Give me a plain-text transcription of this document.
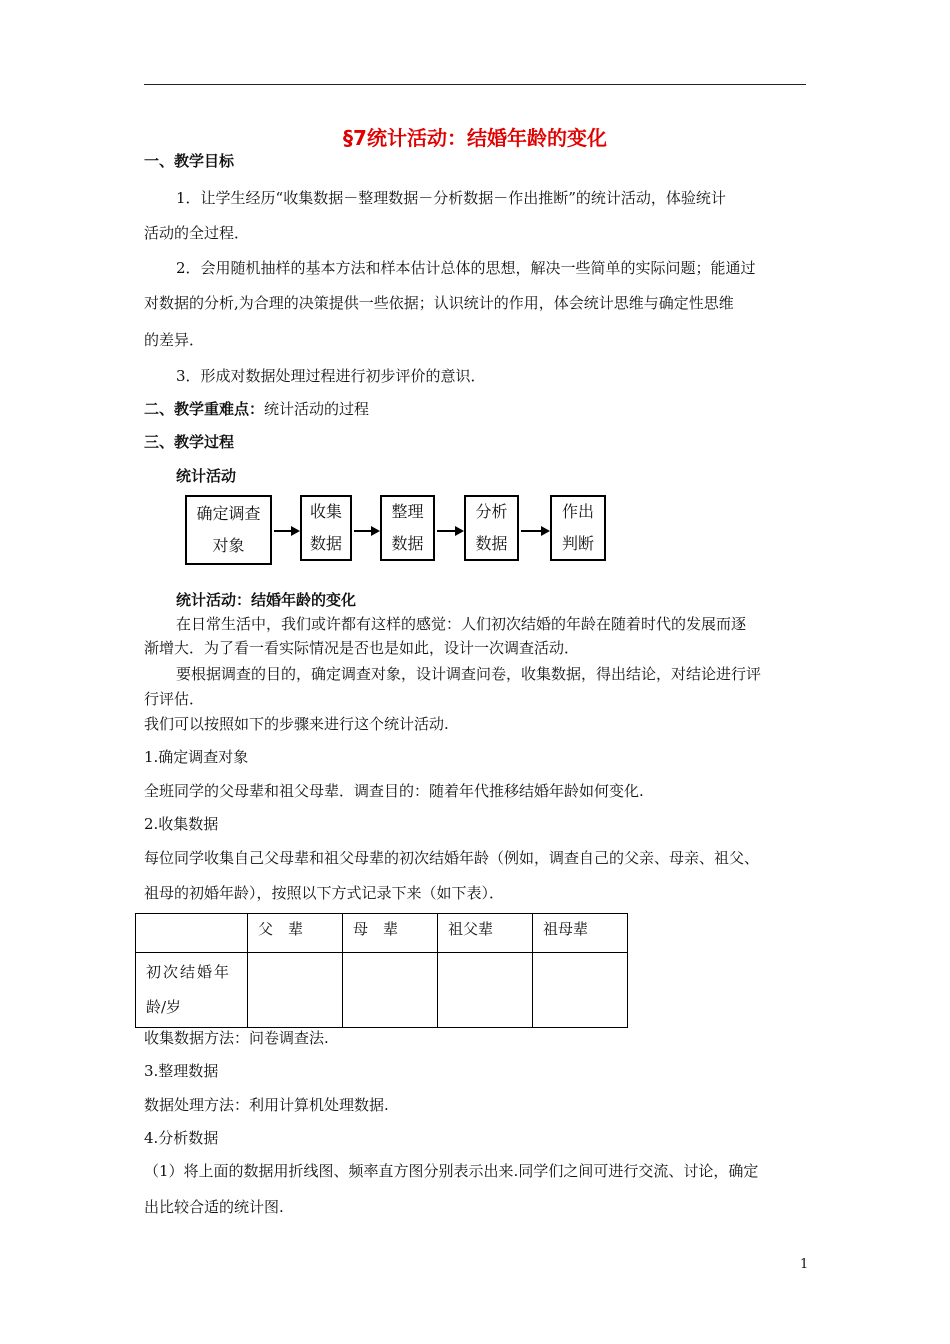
§7统计活动：结婚年龄的变化
一、教学目标
1．让学生经历“收集数据－整理数据－分析数据－作出推断”的统计活动，体验统计
活动的全过程．
2．会用随机抽样的基本方法和样本估计总体的思想，解决一些简单的实际问题；能通过
对数据的分析,为合理的决策提供一些依据；认识统计的作用，体会统计思维与确定性思维
的差异．
3．形成对数据处理过程进行初步评价的意识．
二、教学重难点：统计活动的过程
三、教学过程
统计活动
确定调查
对象
收集
数据
整理
数据
分析
数据
作出
判断
统计活动：结婚年龄的变化
在日常生活中，我们或许都有这样的感觉：人们初次结婚的年龄在随着时代的发展而逐
渐增大．为了看一看实际情况是否也是如此，设计一次调查活动．
要根据调查的目的，确定调查对象，设计调查问卷，收集数据，得出结论，对结论进行评
行评估．
我们可以按照如下的步骤来进行这个统计活动.
1.确定调查对象
全班同学的父母辈和祖父母辈．调查目的：随着年代推移结婚年龄如何变化.
2.收集数据
每位同学收集自己父母辈和祖父母辈的初次结婚年龄（例如，调查自己的父亲、母亲、祖父、
祖母的初婚年龄），按照以下方式记录下来（如下表）．
	父　辈	母　辈	祖父辈	祖母辈

初次结婚年
龄/岁				

收集数据方法：问卷调查法.
3.整理数据
数据处理方法：利用计算机处理数据.
4.分析数据
（1）将上面的数据用折线图、频率直方图分别表示出来.同学们之间可进行交流、讨论，确定
出比较合适的统计图.
1
